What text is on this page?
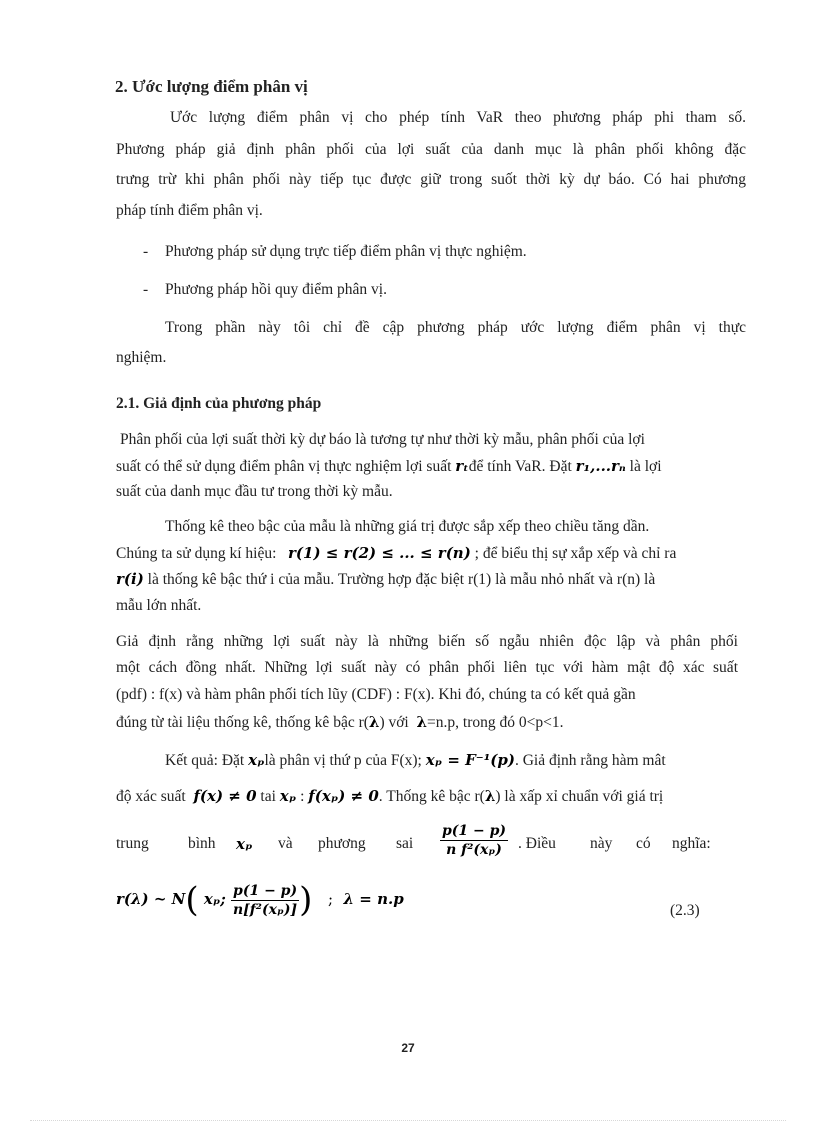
2. Ước lượng điểm phân vị
Ước lượng điểm phân vị cho phép tính VaR theo phương pháp phi tham số.
Phương pháp giả định phân phối của lợi suất của danh mục là phân phối không đặc
trưng trừ khi phân phối này tiếp tục được giữ trong suốt thời kỳ dự báo. Có hai phương
pháp tính điểm phân vị.
- Phương pháp sử dụng trực tiếp điểm phân vị thực nghiệm.
- Phương pháp hồi quy điểm phân vị.
Trong phần này tôi chỉ đề cập phương pháp ước lượng điểm phân vị thực
nghiệm.
2.1. Giả định của phương pháp
Phân phối của lợi suất thời kỳ dự báo là tương tự như thời kỳ mẫu, phân phối của lợi
suất có thể sử dụng điểm phân vị thực nghiệm lợi suất rₜđể tính VaR. Đặt r₁,...rₙ là lợi
suất của danh mục đầu tư trong thời kỳ mẫu.
Thống kê theo bậc của mẫu là những giá trị được sắp xếp theo chiều tăng dần.
Chúng ta sử dụng kí hiệu: r(1) ≤ r(2) ≤ ... ≤ r(n) ; để biểu thị sự xắp xếp và chỉ ra
r(i) là thống kê bậc thứ i của mẫu. Trường hợp đặc biệt r(1) là mẫu nhỏ nhất và r(n) là
mẫu lớn nhất.
Giả định rằng những lợi suất này là những biến số ngẫu nhiên độc lập và phân phối
một cách đồng nhất. Những lợi suất này có phân phối liên tục với hàm mật độ xác suất
(pdf) : f(x) và hàm phân phối tích lũy (CDF) : F(x). Khi đó, chúng ta có kết quả gần
đúng từ tài liệu thống kê, thống kê bậc r(λ) với λ=n.p, trong đó 0<p<1.
Kết quả: Đặt xₚlà phân vị thứ p của F(x); xₚ = F⁻¹(p). Giả định rằng hàm mât
độ xác suất f(x) ≠ 0 tai xₚ : f(xₚ) ≠ 0. Thống kê bậc r(λ) là xấp xỉ chuẩn với giá trị
trung	bình xₚ và phương sai $\frac{p(1 - p)}{\text{n f²(xₚ)}}$ . Điều này có nghĩa:
r(λ) ~ N( xₚ; $\frac{p(1 - p)}{\text{n[f²(xₚ)]}}$ ) ; λ = n.p
(2.3)
27
